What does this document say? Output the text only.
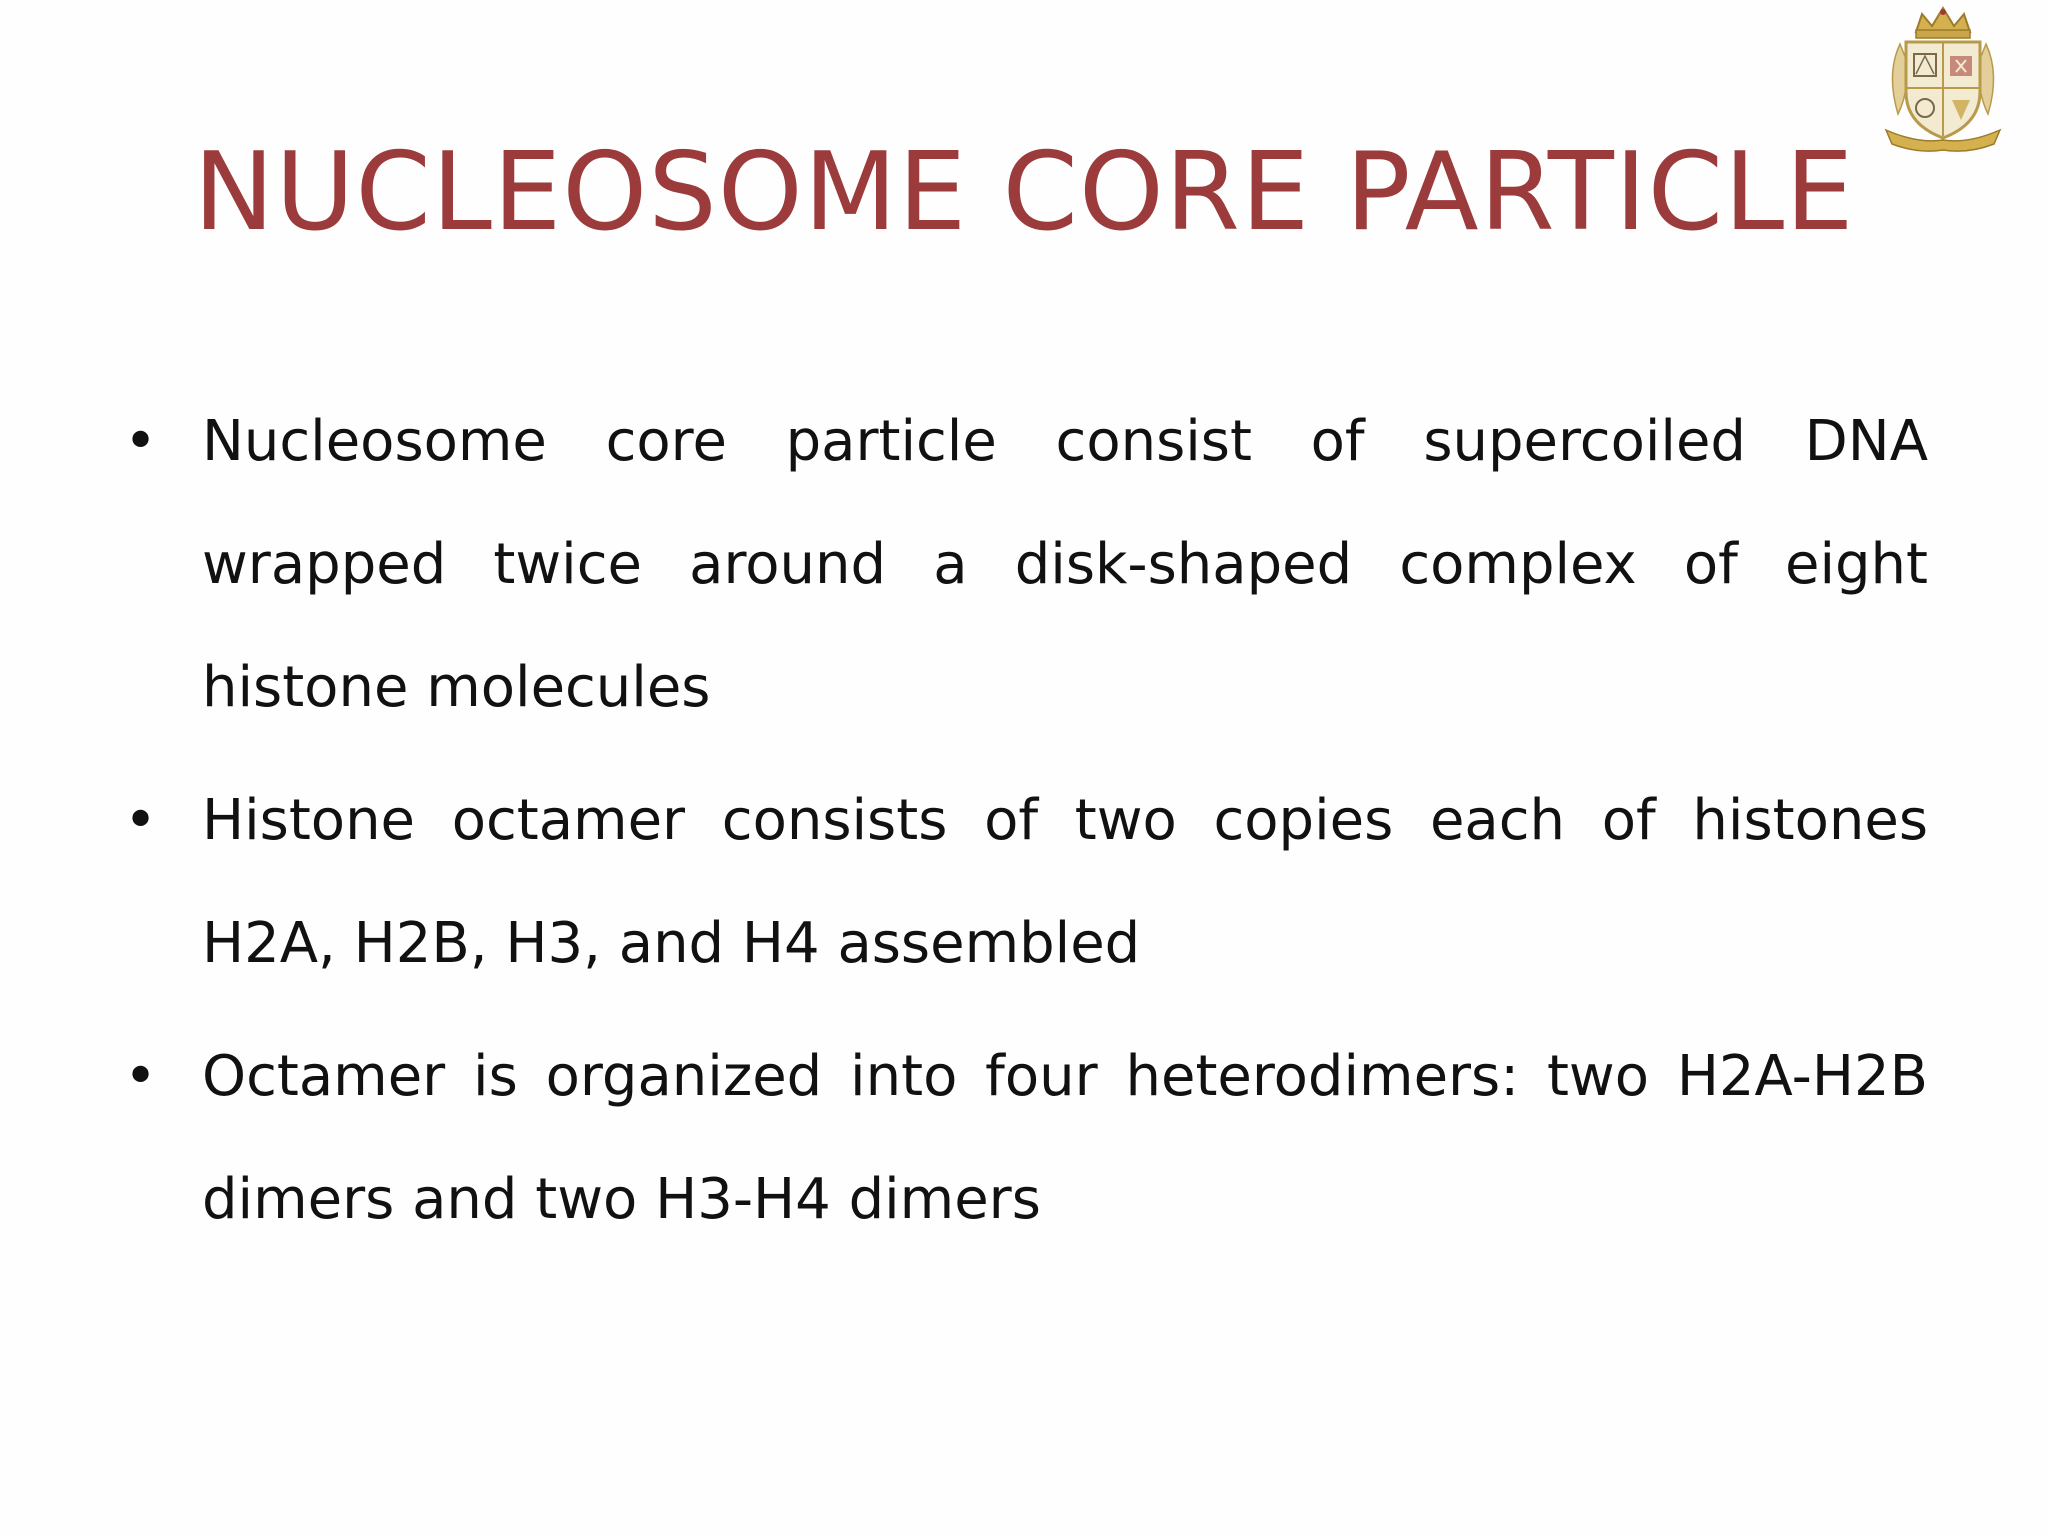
NUCLEOSOME CORE PARTICLE
• Nucleosome core particle consist of supercoiled DNA wrapped twice around a disk-shaped complex of eight histone molecules
• Histone octamer consists of two copies each of histones H2A, H2B, H3, and H4 assembled
• Octamer is organized into four heterodimers: two H2A-H2B dimers and two H3-H4 dimers
